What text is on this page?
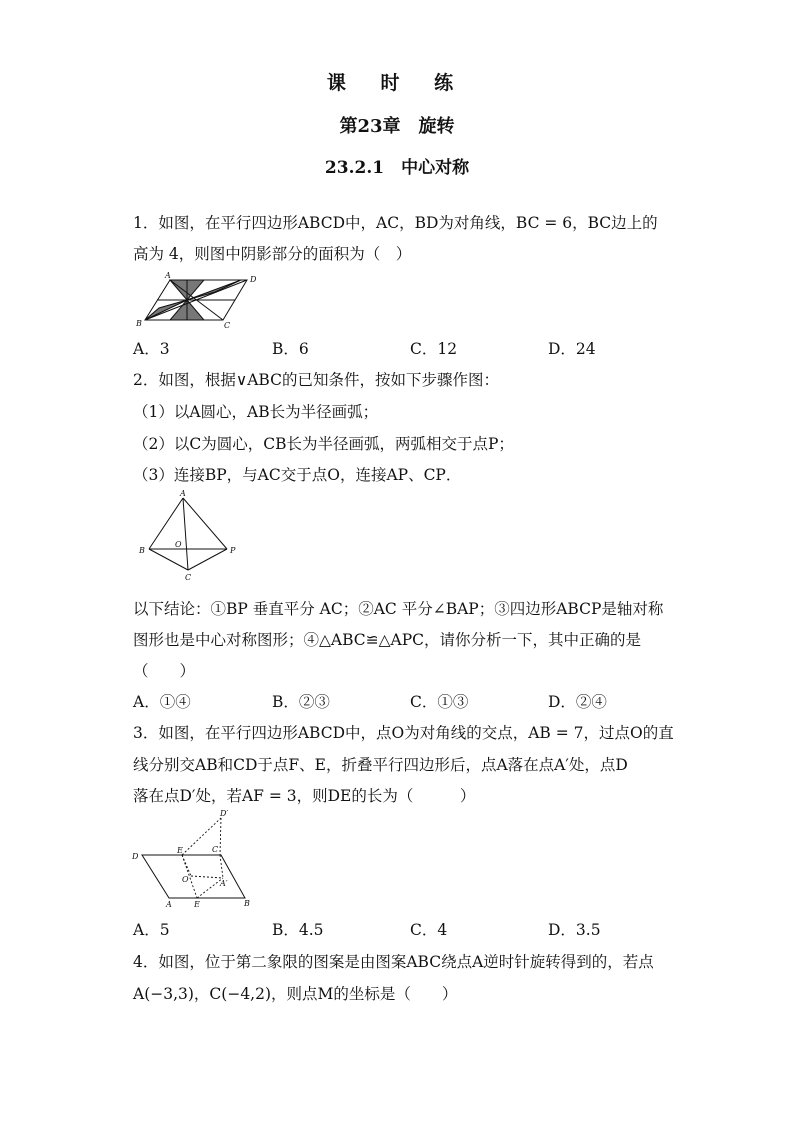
课 时 练
第23章　旋转
23.2.1　中心对称
1．如图，在平行四边形ABCD中，AC，BD为对角线，BC = 6，BC边上的
高为 4，则图中阴影部分的面积为（　）
A	D
B	C
A．3	B．6	C．12	D．24
2．如图，根据∨ABC的已知条件，按如下步骤作图：
（1）以A圆心，AB长为半径画弧；
（2）以C为圆心，CB长为半径画弧，两弧相交于点P；
（3）连接BP，与AC交于点O，连接AP、CP．
A
B
O
P
C
以下结论：①BP 垂直平分 AC；②AC 平分∠BAP；③四边形ABCP是轴对称
图形也是中心对称图形；④△ABC≌△APC，请你分析一下，其中正确的是
（　　）
A．①④	B．②③	C．①③	D．②④
3．如图，在平行四边形ABCD中，点O为对角线的交点，AB = 7，过点O的直
线分别交AB和CD于点F、E，折叠平行四边形后，点A落在点A′处，点D
落在点D′处，若AF = 3，则DE的长为（　　　）
D′
D
E	C
O	A′
A	E	B
A．5	B．4.5	C．4	D．3.5
4．如图，位于第二象限的图案是由图案ABC绕点A逆时针旋转得到的，若点
A(−3,3)，C(−4,2)，则点M的坐标是（　　）
